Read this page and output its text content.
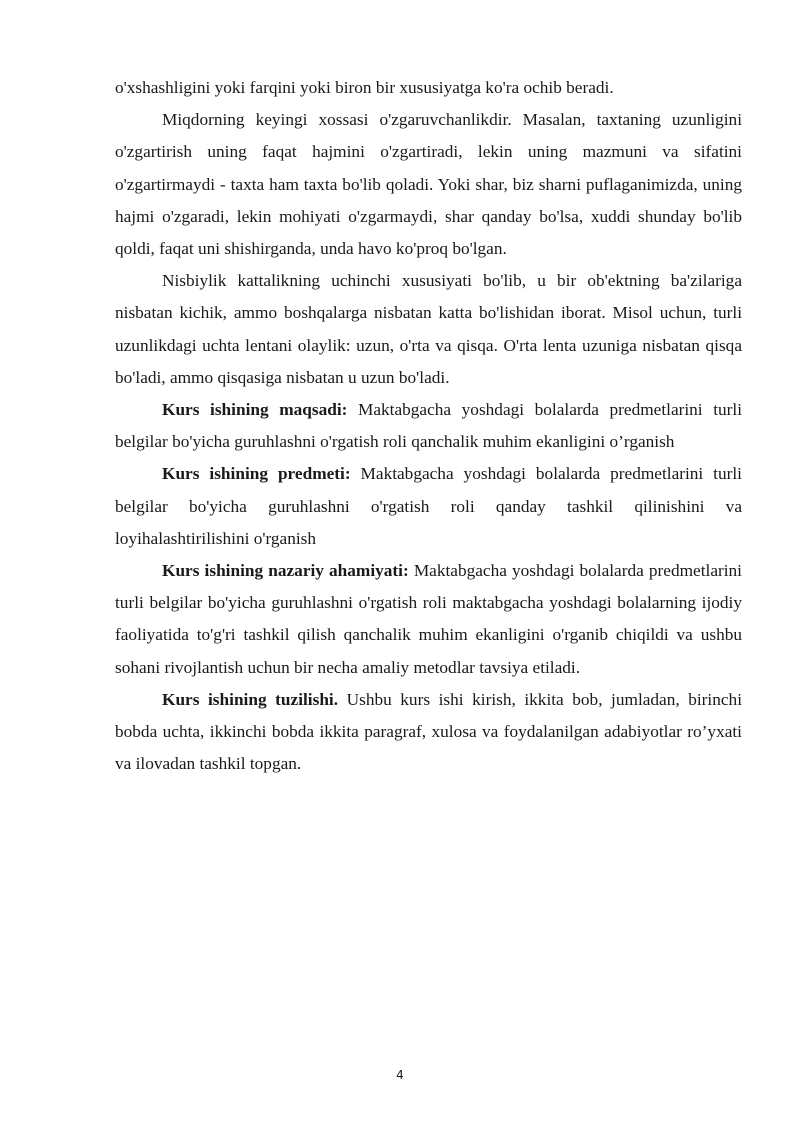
o'xshashligini yoki farqini yoki biron bir xususiyatga ko'ra ochib beradi.

Miqdorning keyingi xossasi o'zgaruvchanlikdir. Masalan, taxtaning uzunligini o'zgartirish uning faqat hajmini o'zgartiradi, lekin uning mazmuni va sifatini o'zgartirmaydi - taxta ham taxta bo'lib qoladi. Yoki shar, biz sharni puflaganimizda, uning hajmi o'zgaradi, lekin mohiyati o'zgarmaydi, shar qanday bo'lsa, xuddi shunday bo'lib qoldi, faqat uni shishirganda, unda havo ko'proq bo'lgan.

Nisbiylik kattalikning uchinchi xususiyati bo'lib, u bir ob'ektning ba'zilariga nisbatan kichik, ammo boshqalarga nisbatan katta bo'lishidan iborat. Misol uchun, turli uzunlikdagi uchta lentani olaylik: uzun, o'rta va qisqa. O'rta lenta uzuniga nisbatan qisqa bo'ladi, ammo qisqasiga nisbatan u uzun bo'ladi.

Kurs ishining maqsadi: Maktabgacha yoshdagi bolalarda predmetlarini turli belgilar bo'yicha guruhlashni o'rgatish roli qanchalik muhim ekanligini o’rganish

Kurs ishining predmeti: Maktabgacha yoshdagi bolalarda predmetlarini turli belgilar bo'yicha guruhlashni o'rgatish roli qanday tashkil qilinishini va loyihalashtirilishini o'rganish

Kurs ishining nazariy ahamiyati: Maktabgacha yoshdagi bolalarda predmetlarini turli belgilar bo'yicha guruhlashni o'rgatish roli maktabgacha yoshdagi bolalarning ijodiy faoliyatida to'g'ri tashkil qilish qanchalik muhim ekanligini o'rganib chiqildi va ushbu sohani rivojlantish uchun bir necha amaliy metodlar tavsiya etiladi.

Kurs ishining tuzilishi. Ushbu kurs ishi kirish, ikkita bob, jumladan, birinchi bobda uchta, ikkinchi bobda ikkita paragraf, xulosa va foydalanilgan adabiyotlar ro’yxati va ilovadan tashkil topgan.

4
